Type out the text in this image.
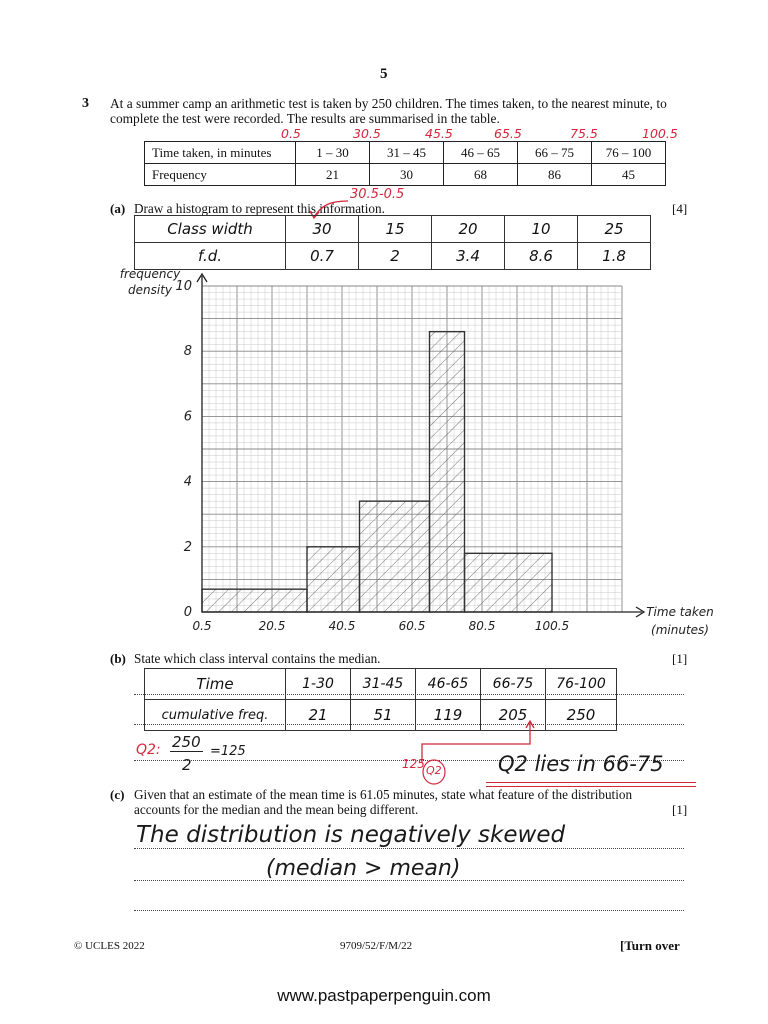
5
3 At a summer camp an arithmetic test is taken by 250 children. The times taken, to the nearest minute, to complete the test were recorded. The results are summarised in the table.
0.5	30.5	45.5	65.5	75.5	100.5
Time taken, in minutes	1 – 30	31 – 45	46 – 65	66 – 75	76 – 100
Frequency	21	30	68	86	45
(a) Draw a histogram to represent this information.	[4]
30.5-0.5
Class width	30	15	20	10	25
f.d.	0.7	2	3.4	8.6	1.8
0.5	20.5	40.5	60.5	80.5	100.5
0
2
4
6
8
10
frequency
density
Time taken
(minutes)
(b) State which class interval contains the median.	[1]
Time	1-30	31-45	46-65	66-75	76-100
cumulative freq.	21	51	119	205	250
Q2: 250
2
=125
125 Q2	Q2 lies in 66-75
(c) Given that an estimate of the mean time is 61.05 minutes, state what feature of the distribution accounts for the median and the mean being different.	[1]
The distribution is negatively skewed
(median > mean)
© UCLES 2022	9709/52/F/M/22	[Turn over
www.pastpaperpenguin.com
